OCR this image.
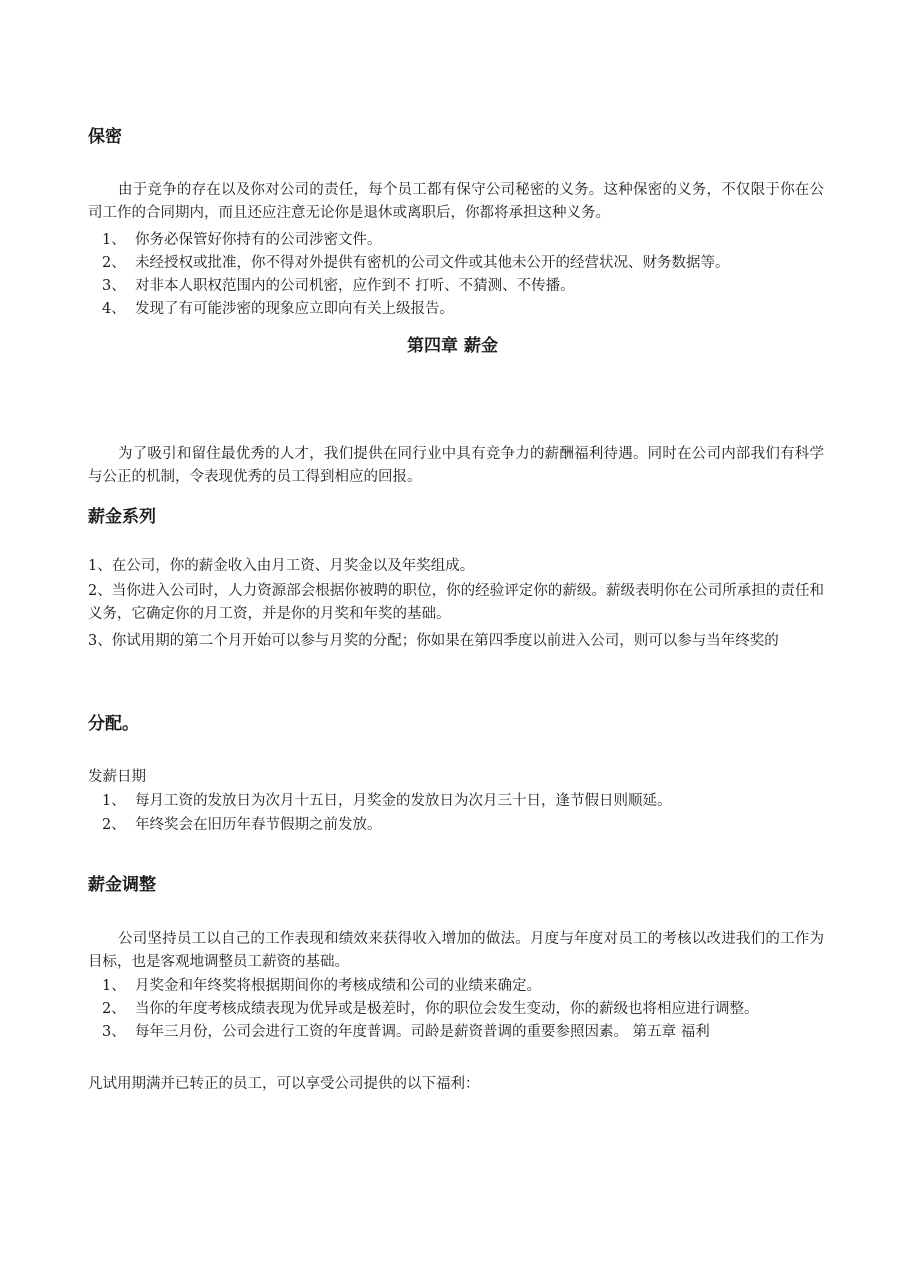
保密

由于竞争的存在以及你对公司的责任，每个员工都有保守公司秘密的义务。这种保密的义务，不仅限于你在公司工作的合同期内，而且还应注意无论你是退休或离职后，你都将承担这种义务。

1、 你务必保管好你持有的公司涉密文件。
2、 未经授权或批准，你不得对外提供有密机的公司文件或其他未公开的经营状况、财务数据等。
3、 对非本人职权范围内的公司机密，应作到不 打听、不猜测、不传播。
4、 发现了有可能涉密的现象应立即向有关上级报告。
第四章 薪金

为了吸引和留住最优秀的人才，我们提供在同行业中具有竞争力的薪酬福利待遇。同时在公司内部我们有科学与公正的机制，令表现优秀的员工得到相应的回报。

薪金系列

1、在公司，你的薪金收入由月工资、月奖金以及年奖组成。

2、当你进入公司时，人力资源部会根据你被聘的职位，你的经验评定你的薪级。薪级表明你在公司所承担的责任和义务，它确定你的月工资，并是你的月奖和年奖的基础。

3、你试用期的第二个月开始可以参与月奖的分配；你如果在第四季度以前进入公司，则可以参与当年终奖的

分配。
发薪日期
1、 每月工资的发放日为次月十五日，月奖金的发放日为次月三十日，逢节假日则顺延。
2、 年终奖会在旧历年春节假期之前发放。
薪金调整

公司坚持员工以自己的工作表现和绩效来获得收入增加的做法。月度与年度对员工的考核以改进我们的工作为目标，也是客观地调整员工薪资的基础。

1、 月奖金和年终奖将根据期间你的考核成绩和公司的业绩来确定。
2、 当你的年度考核成绩表现为优异或是极差时，你的职位会发生变动，你的薪级也将相应进行调整。
3、 每年三月份，公司会进行工资的年度普调。司龄是薪资普调的重要参照因素。 第五章 福利
凡试用期满并已转正的员工，可以享受公司提供的以下福利：
